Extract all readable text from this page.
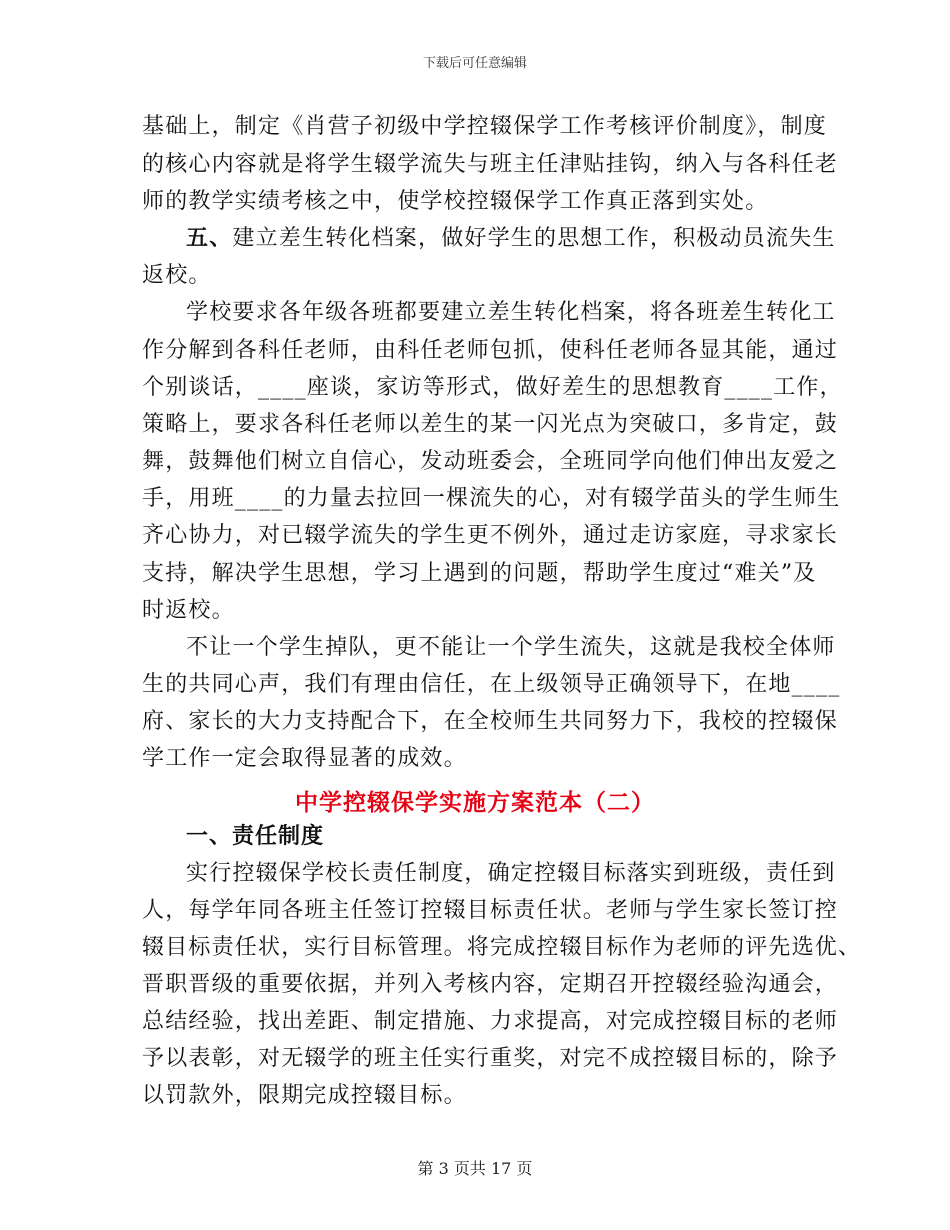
下载后可任意编辑
基础上，制定《肖营子初级中学控辍保学工作考核评价制度》，制度
的核心内容就是将学生辍学流失与班主任津贴挂钩，纳入与各科任老
师的教学实绩考核之中，使学校控辍保学工作真正落到实处。
五、建立差生转化档案，做好学生的思想工作，积极动员流失生
返校。
学校要求各年级各班都要建立差生转化档案，将各班差生转化工
作分解到各科任老师，由科任老师包抓，使科任老师各显其能，通过
个别谈话，____座谈，家访等形式，做好差生的思想教育____工作，
策略上，要求各科任老师以差生的某一闪光点为突破口，多肯定，鼓
舞，鼓舞他们树立自信心，发动班委会，全班同学向他们伸出友爱之
手，用班____的力量去拉回一棵流失的心，对有辍学苗头的学生师生
齐心协力，对已辍学流失的学生更不例外，通过走访家庭，寻求家长
支持，解决学生思想，学习上遇到的问题，帮助学生度过“难关”及
时返校。
不让一个学生掉队，更不能让一个学生流失，这就是我校全体师
生的共同心声，我们有理由信任，在上级领导正确领导下，在地____
府、家长的大力支持配合下，在全校师生共同努力下，我校的控辍保
学工作一定会取得显著的成效。
中学控辍保学实施方案范本（二）
一、责任制度
实行控辍保学校长责任制度，确定控辍目标落实到班级，责任到
人，每学年同各班主任签订控辍目标责任状。老师与学生家长签订控
辍目标责任状，实行目标管理。将完成控辍目标作为老师的评先选优、
晋职晋级的重要依据，并列入考核内容，定期召开控辍经验沟通会，
总结经验，找出差距、制定措施、力求提高，对完成控辍目标的老师
予以表彰，对无辍学的班主任实行重奖，对完不成控辍目标的，除予
以罚款外，限期完成控辍目标。
第 3 页共 17 页
